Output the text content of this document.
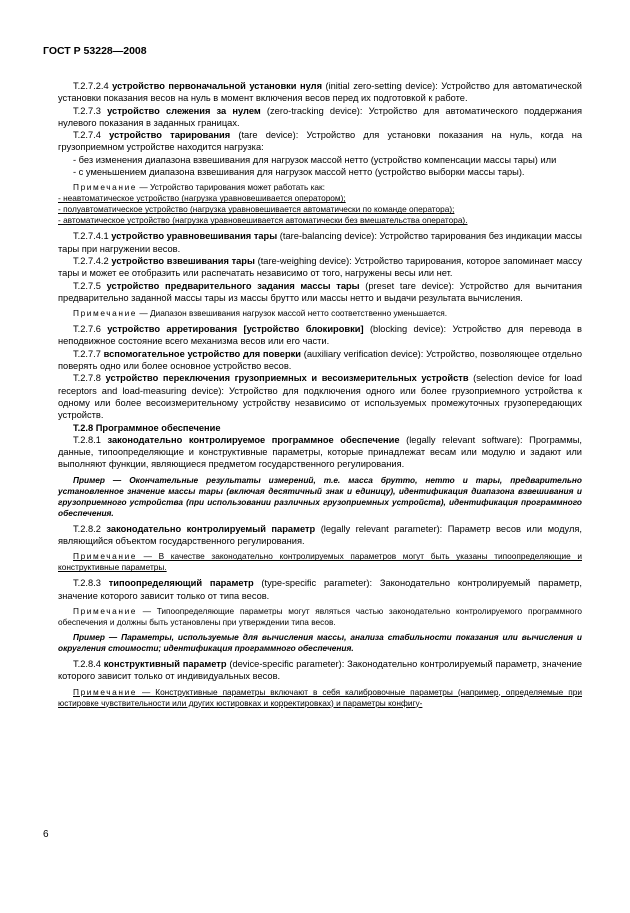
ГОСТ Р 53228—2008

Т.2.7.2.4 устройство первоначальной установки нуля (initial zero-setting device): Устройство для автоматической установки показания весов на нуль в момент включения весов перед их подготовкой к работе.

Т.2.7.3 устройство слежения за нулем (zero-tracking device): Устройство для автоматического поддержания нулевого показания в заданных границах.

Т.2.7.4 устройство тарирования (tare device): Устройство для установки показания на нуль, когда на грузоприемном устройстве находится нагрузка:

- без изменения диапазона взвешивания для нагрузок массой нетто (устройство компенсации массы тары) или

- с уменьшением диапазона взвешивания для нагрузок массой нетто (устройство выборки массы тары).

Примечание — Устройство тарирования может работать как:

- неавтоматическое устройство (нагрузка уравновешивается оператором);

- полуавтоматическое устройство (нагрузка уравновешивается автоматически по команде оператора);

- автоматическое устройство (нагрузка уравновешивается автоматически без вмешательства оператора).

Т.2.7.4.1 устройство уравновешивания тары (tare-balancing device): Устройство тарирования без индикации массы тары при нагружении весов.

Т.2.7.4.2 устройство взвешивания тары (tare-weighing device): Устройство тарирования, которое запоминает массу тары и может ее отобразить или распечатать независимо от того, нагружены весы или нет.

Т.2.7.5 устройство предварительного задания массы тары (preset tare device): Устройство для вычитания предварительно заданной массы тары из массы брутто или массы нетто и выдачи результата вычисления.

Примечание — Диапазон взвешивания нагрузок массой нетто соответственно уменьшается.

Т.2.7.6 устройство арретирования [устройство блокировки] (blocking device): Устройство для перевода в неподвижное состояние всего механизма весов или его части.

Т.2.7.7 вспомогательное устройство для поверки (auxiliary verification device): Устройство, позволяющее отдельно поверять одно или более основное устройство весов.

Т.2.7.8 устройство переключения грузоприемных и весоизмерительных устройств (selection device for load receptors and load-measuring device): Устройство для подключения одного или более грузоприемного устройства к одному или более весоизмерительному устройству независимо от используемых промежуточных грузопередающих устройств.

Т.2.8 Программное обеспечение

Т.2.8.1 законодательно контролируемое программное обеспечение (legally relevant software): Программы, данные, типоопределяющие и конструктивные параметры, которые принадлежат весам или модулю и задают или выполняют функции, являющиеся предметом государственного регулирования.

Пример — Окончательные результаты измерений, т.е. масса брутто, нетто и тары, предварительно установленное значение массы тары (включая десятичный знак и единицу), идентификация диапазона взвешивания и грузоприемного устройства (при использовании различных грузоприемных устройств), идентификация программного обеспечения.

Т.2.8.2 законодательно контролируемый параметр (legally relevant parameter): Параметр весов или модуля, являющийся объектом государственного регулирования.

Примечание — В качестве законодательно контролируемых параметров могут быть указаны типоопределяющие и конструктивные параметры.

Т.2.8.3 типоопределяющий параметр (type-specific parameter): Законодательно контролируемый параметр, значение которого зависит только от типа весов.

Примечание — Типоопределяющие параметры могут являться частью законодательно контролируемого программного обеспечения и должны быть установлены при утверждении типа весов.

Пример — Параметры, используемые для вычисления массы, анализа стабильности показания или вычисления и округления стоимости; идентификация программного обеспечения.

Т.2.8.4 конструктивный параметр (device-specific parameter): Законодательно контролируемый параметр, значение которого зависит только от индивидуальных весов.

Примечание — Конструктивные параметры включают в себя калибровочные параметры (например, определяемые при юстировке чувствительности или других юстировках и корректировках) и параметры конфигу-

6
